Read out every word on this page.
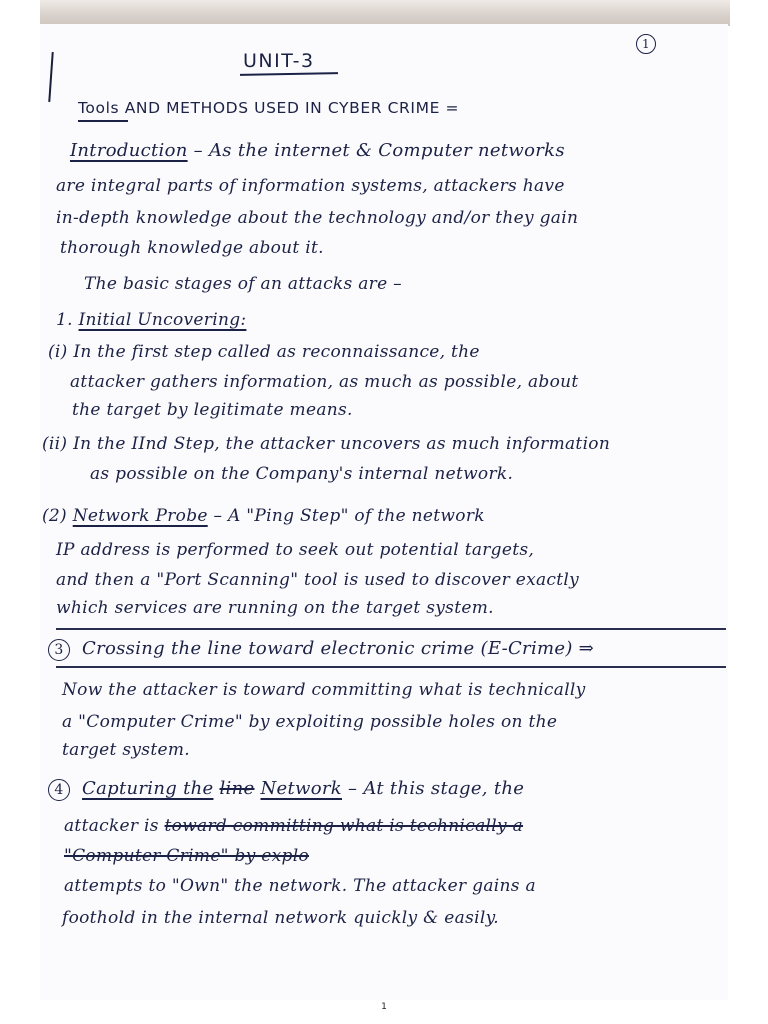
UNIT-3
1
Tools AND METHODS USED IN CYBER CRIME =
Introduction – As the internet & Computer networks
are integral parts of information systems, attackers have
in-depth knowledge about the technology and/or they gain
thorough knowledge about it.
The basic stages of an attacks are –
1. Initial Uncovering:
(i) In the first step called as reconnaissance, the
attacker gathers information, as much as possible, about
the target by legitimate means.
(ii) In the IInd Step, the attacker uncovers as much information
as possible on the Company's internal network.
(2) Network Probe – A "Ping Step" of the network
IP address is performed to seek out potential targets,
and then a "Port Scanning" tool is used to discover exactly
which services are running on the target system.
3 Crossing the line toward electronic crime (E-Crime) ⇒
Now the attacker is toward committing what is technically
a "Computer Crime" by exploiting possible holes on the
target system.
4 Capturing the line Network – At this stage, the
attacker is toward committing what is technically a
"Computer Crime" by explo
attempts to "Own" the network. The attacker gains a
foothold in the internal network quickly & easily.
1
